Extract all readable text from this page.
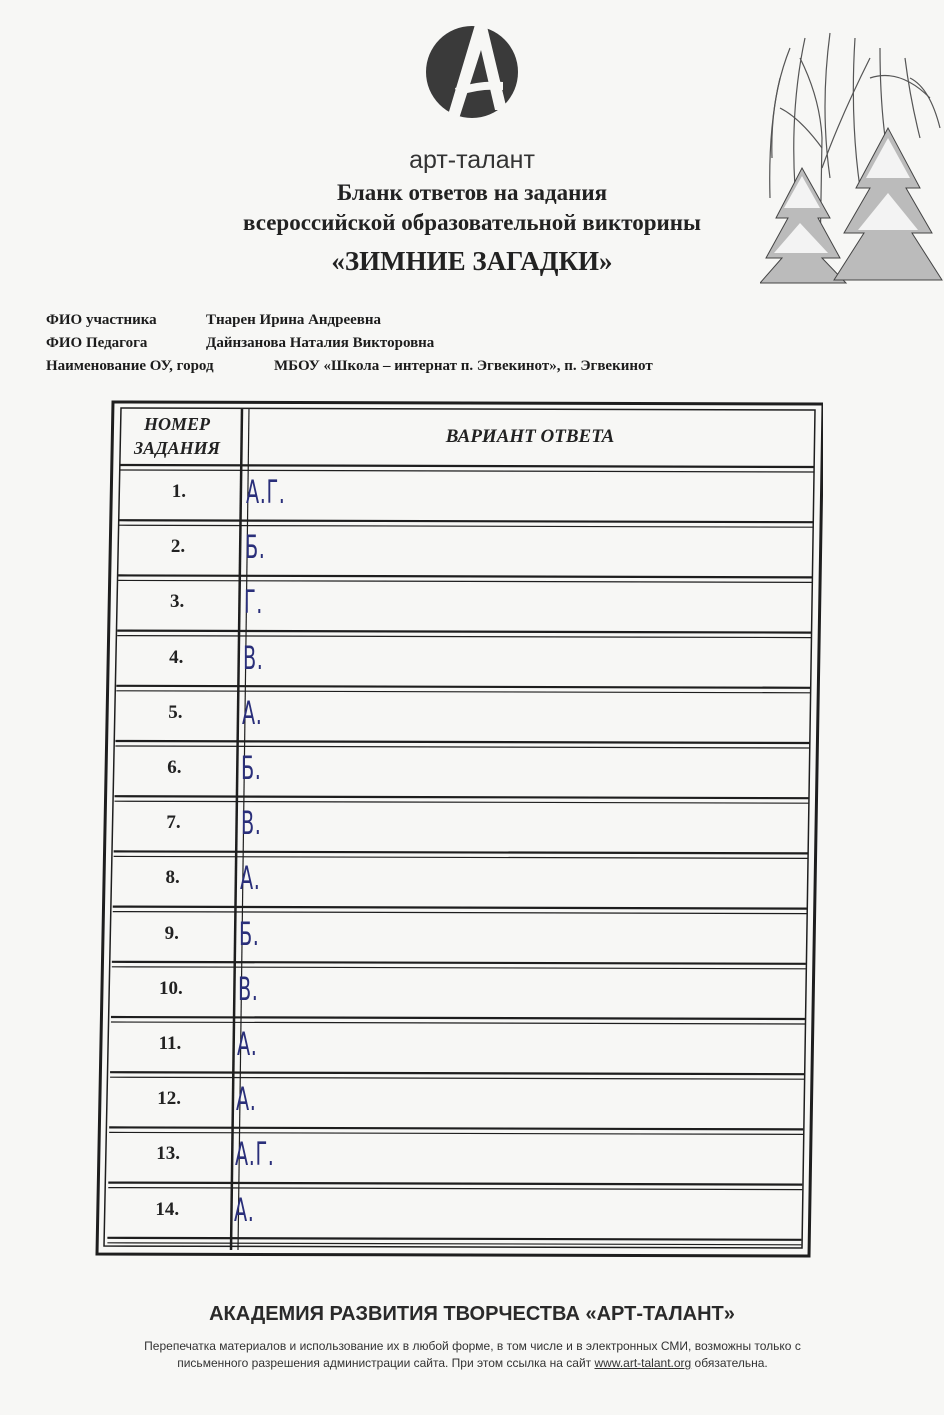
арт-талант
Бланк ответов на задания
всероссийской образовательной викторины
«ЗИМНИЕ ЗАГАДКИ»
ФИО участника	Тнарен Ирина Андреевна
ФИО Педагога	Дайнзанова Наталия Викторовна
Наименование ОУ, город	МБОУ «Школа – интернат п. Эгвекинот», п. Эгвекинот
НОМЕР
ЗАДАНИЯ
ВАРИАНТ ОТВЕТА
1.	А.Г.
2.	Б.
3.	Г.
4.	В.
5.	А.
6.	Б.
7.	В.
8.	А.
9.	Б.
10.	В.
11.	А.
12.	А.
13.	А.Г.
14.	А.
АКАДЕМИЯ РАЗВИТИЯ ТВОРЧЕСТВА «АРТ-ТАЛАНТ»
Перепечатка материалов и использование их в любой форме, в том числе и в электронных СМИ, возможны только с
письменного разрешения администрации сайта. При этом ссылка на сайт www.art-talant.org обязательна.
